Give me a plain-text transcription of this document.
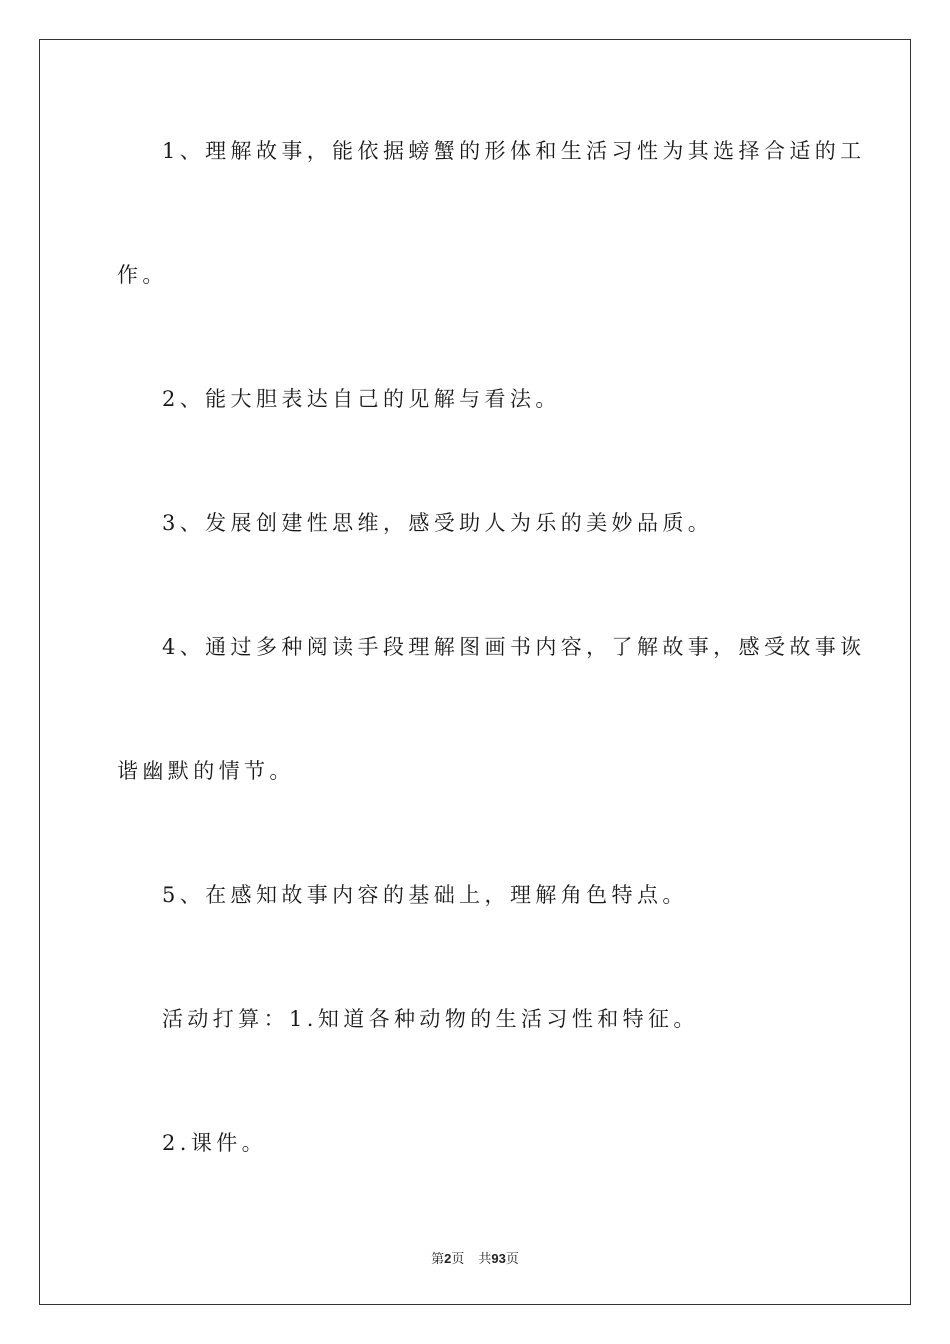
1、理解故事，能依据螃蟹的形体和生活习性为其选择合适的工
作。
2、能大胆表达自己的见解与看法。
3、发展创建性思维，感受助人为乐的美妙品质。
4、通过多种阅读手段理解图画书内容，了解故事，感受故事诙
谐幽默的情节。
5、在感知故事内容的基础上，理解角色特点。
活动打算：1.知道各种动物的生活习性和特征。
2.课件。
第2页 共93页
